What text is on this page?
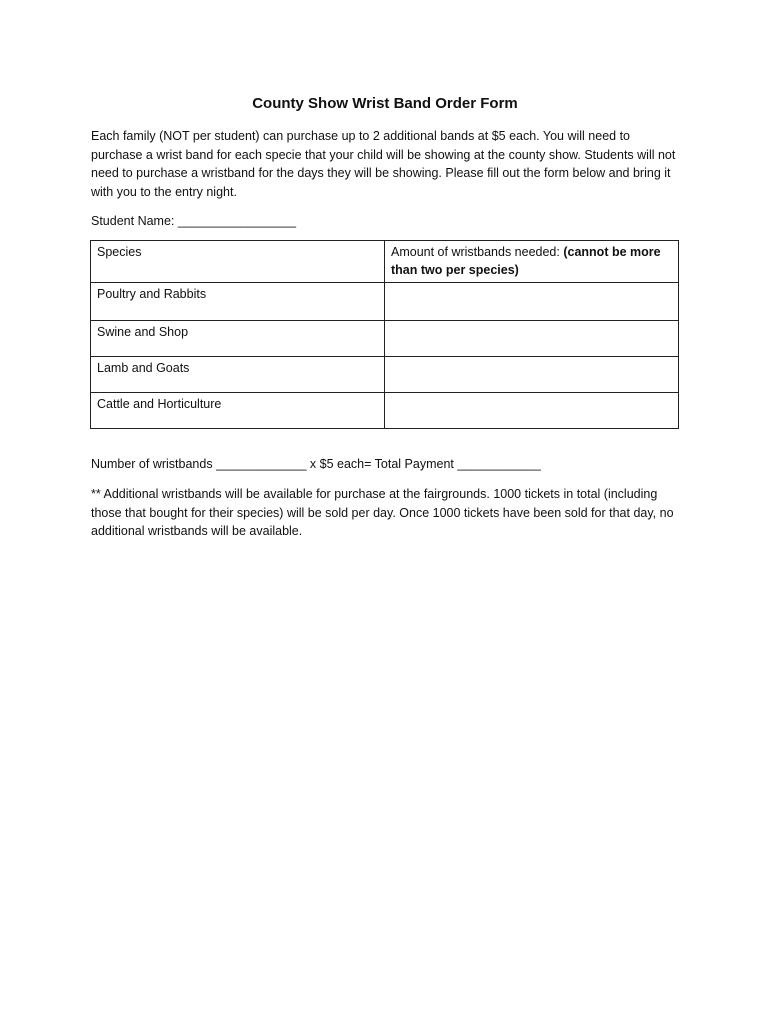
County Show Wrist Band Order Form
Each family (NOT per student) can purchase up to 2 additional bands at $5 each. You will need to purchase a wrist band for each specie that your child will be showing at the county show. Students will not need to purchase a wristband for the days they will be showing. Please fill out the form below and bring it with you to the entry night.
Student Name: _________________
Species	Amount of wristbands needed: (cannot be more than two per species)
Poultry and Rabbits	
Swine and Shop	
Lamb and Goats	
Cattle and Horticulture	
Number of wristbands _____________ x $5 each= Total Payment ____________
** Additional wristbands will be available for purchase at the fairgrounds. 1000 tickets in total (including those that bought for their species) will be sold per day. Once 1000 tickets have been sold for that day, no additional wristbands will be available.
